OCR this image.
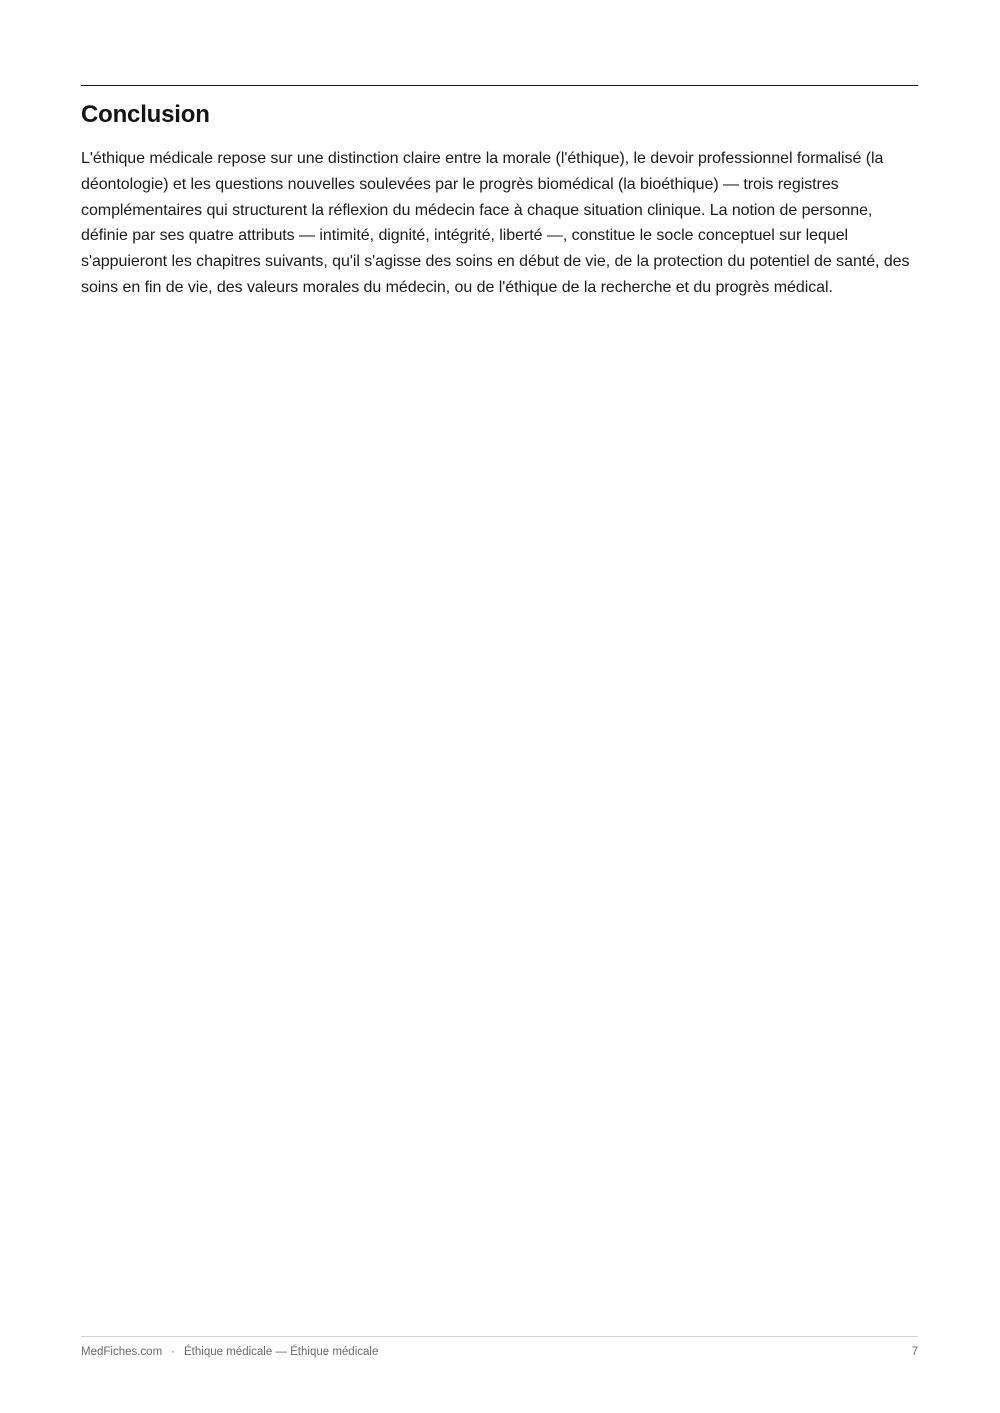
Conclusion

L'éthique médicale repose sur une distinction claire entre la morale (l'éthique), le devoir professionnel formalisé (la déontologie) et les questions nouvelles soulevées par le progrès biomédical (la bioéthique) — trois registres complémentaires qui structurent la réflexion du médecin face à chaque situation clinique. La notion de personne, définie par ses quatre attributs — intimité, dignité, intégrité, liberté —, constitue le socle conceptuel sur lequel s'appuieront les chapitres suivants, qu'il s'agisse des soins en début de vie, de la protection du potentiel de santé, des soins en fin de vie, des valeurs morales du médecin, ou de l'éthique de la recherche et du progrès médical.

MedFiches.com · Éthique médicale — Éthique médicale	7
